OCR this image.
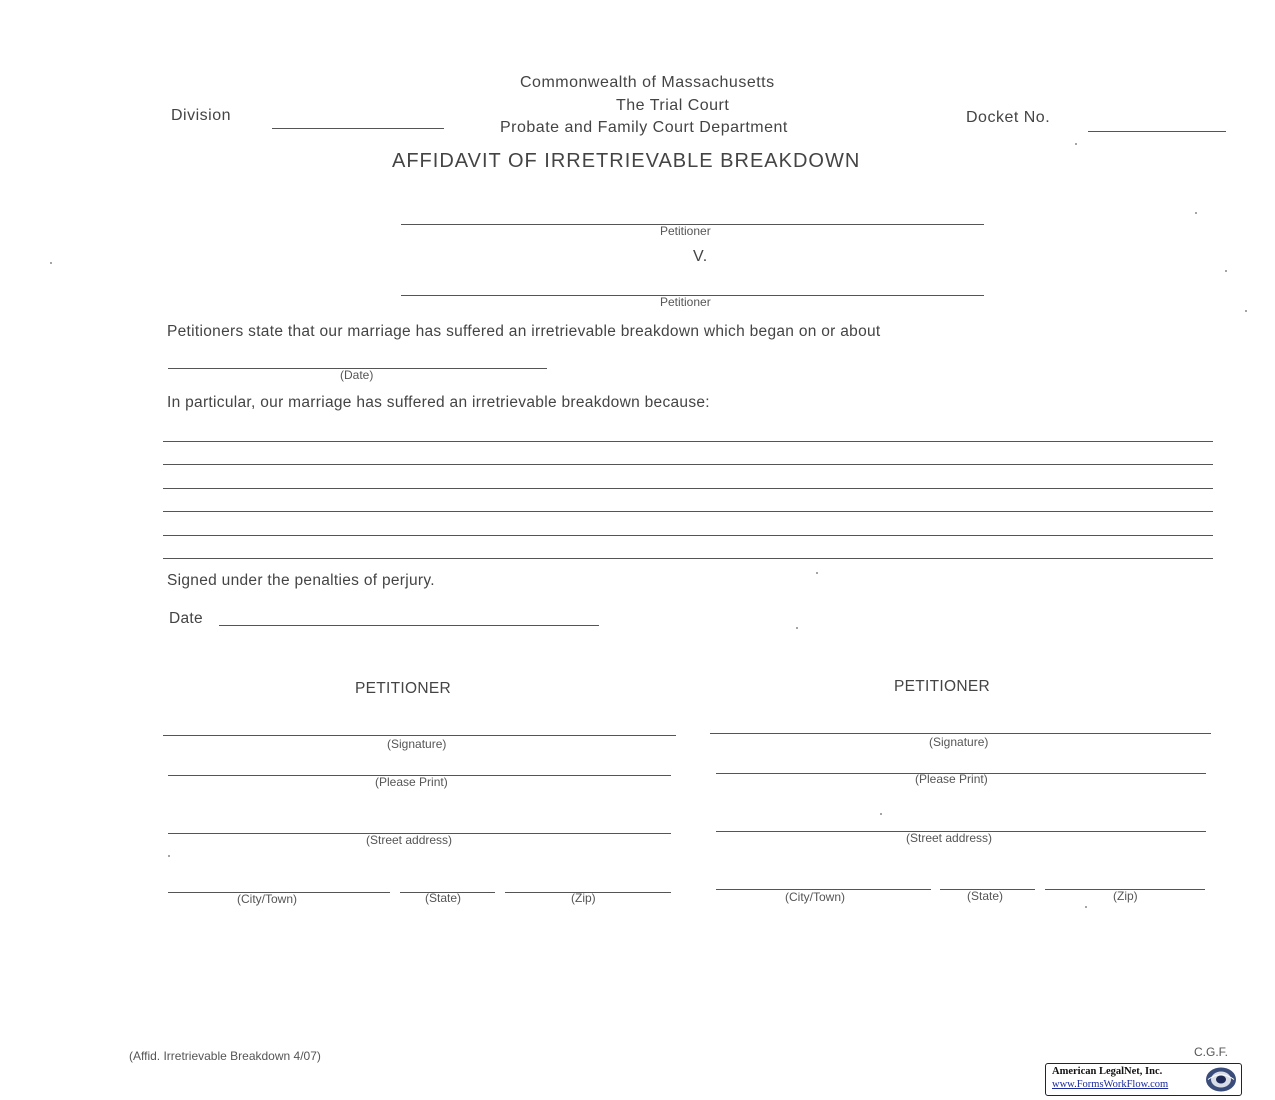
Commonwealth of Massachusetts
The Trial Court
Probate and Family Court Department
Division	Docket No.
AFFIDAVIT OF IRRETRIEVABLE BREAKDOWN
Petitioner
V.
Petitioner
Petitioners state that our marriage has suffered an irretrievable breakdown which began on or about
(Date)
In particular, our marriage has suffered an irretrievable breakdown because:
Signed under the penalties of perjury.
Date
PETITIONER
(Signature)
(Please Print)
(Street address)
(City/Town)	(State)	(Zip)
PETITIONER
(Signature)
(Please Print)
(Street address)
(City/Town)	(State)	(Zip)
(Affid. Irretrievable Breakdown 4/07)	C.G.F.
American LegalNet, Inc.
www.FormsWorkFlow.com
